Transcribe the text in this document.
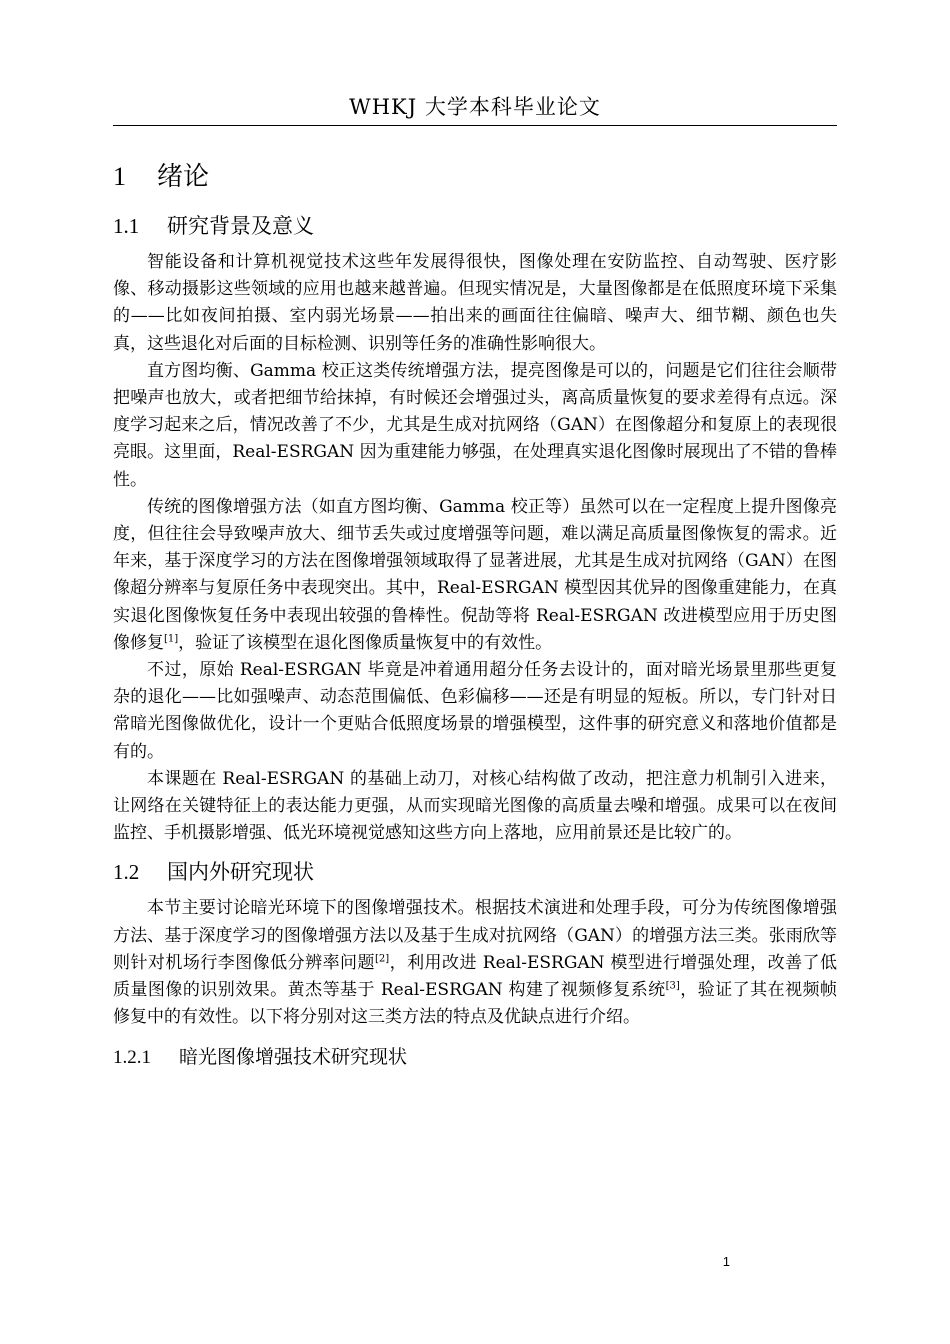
WHKJ 大学本科毕业论文
1 绪论
1.1 研究背景及意义

智能设备和计算机视觉技术这些年发展得很快，图像处理在安防监控、自动驾驶、医疗影像、移动摄影这些领域的应用也越来越普遍。但现实情况是，大量图像都是在低照度环境下采集的——比如夜间拍摄、室内弱光场景——拍出来的画面往往偏暗、噪声大、细节糊、颜色也失真，这些退化对后面的目标检测、识别等任务的准确性影响很大。

直方图均衡、Gamma 校正这类传统增强方法，提亮图像是可以的，问题是它们往往会顺带把噪声也放大，或者把细节给抹掉，有时候还会增强过头，离高质量恢复的要求差得有点远。深度学习起来之后，情况改善了不少，尤其是生成对抗网络（GAN）在图像超分和复原上的表现很亮眼。这里面，Real-ESRGAN 因为重建能力够强，在处理真实退化图像时展现出了不错的鲁棒性。

传统的图像增强方法（如直方图均衡、Gamma 校正等）虽然可以在一定程度上提升图像亮度，但往往会导致噪声放大、细节丢失或过度增强等问题，难以满足高质量图像恢复的需求。近年来，基于深度学习的方法在图像增强领域取得了显著进展，尤其是生成对抗网络（GAN）在图像超分辨率与复原任务中表现突出。其中，Real-ESRGAN 模型因其优异的图像重建能力，在真实退化图像恢复任务中表现出较强的鲁棒性。倪劼等将 Real-ESRGAN 改进模型应用于历史图像修复[1]，验证了该模型在退化图像质量恢复中的有效性。

不过，原始 Real-ESRGAN 毕竟是冲着通用超分任务去设计的，面对暗光场景里那些更复杂的退化——比如强噪声、动态范围偏低、色彩偏移——还是有明显的短板。所以，专门针对日常暗光图像做优化，设计一个更贴合低照度场景的增强模型，这件事的研究意义和落地价值都是有的。

本课题在 Real-ESRGAN 的基础上动刀，对核心结构做了改动，把注意力机制引入进来，让网络在关键特征上的表达能力更强，从而实现暗光图像的高质量去噪和增强。成果可以在夜间监控、手机摄影增强、低光环境视觉感知这些方向上落地，应用前景还是比较广的。

1.2 国内外研究现状

本节主要讨论暗光环境下的图像增强技术。根据技术演进和处理手段，可分为传统图像增强方法、基于深度学习的图像增强方法以及基于生成对抗网络（GAN）的增强方法三类。张雨欣等则针对机场行李图像低分辨率问题[2]，利用改进 Real-ESRGAN 模型进行增强处理，改善了低质量图像的识别效果。黄杰等基于 Real-ESRGAN 构建了视频修复系统[3]，验证了其在视频帧修复中的有效性。以下将分别对这三类方法的特点及优缺点进行介绍。

1.2.1 暗光图像增强技术研究现状
1
